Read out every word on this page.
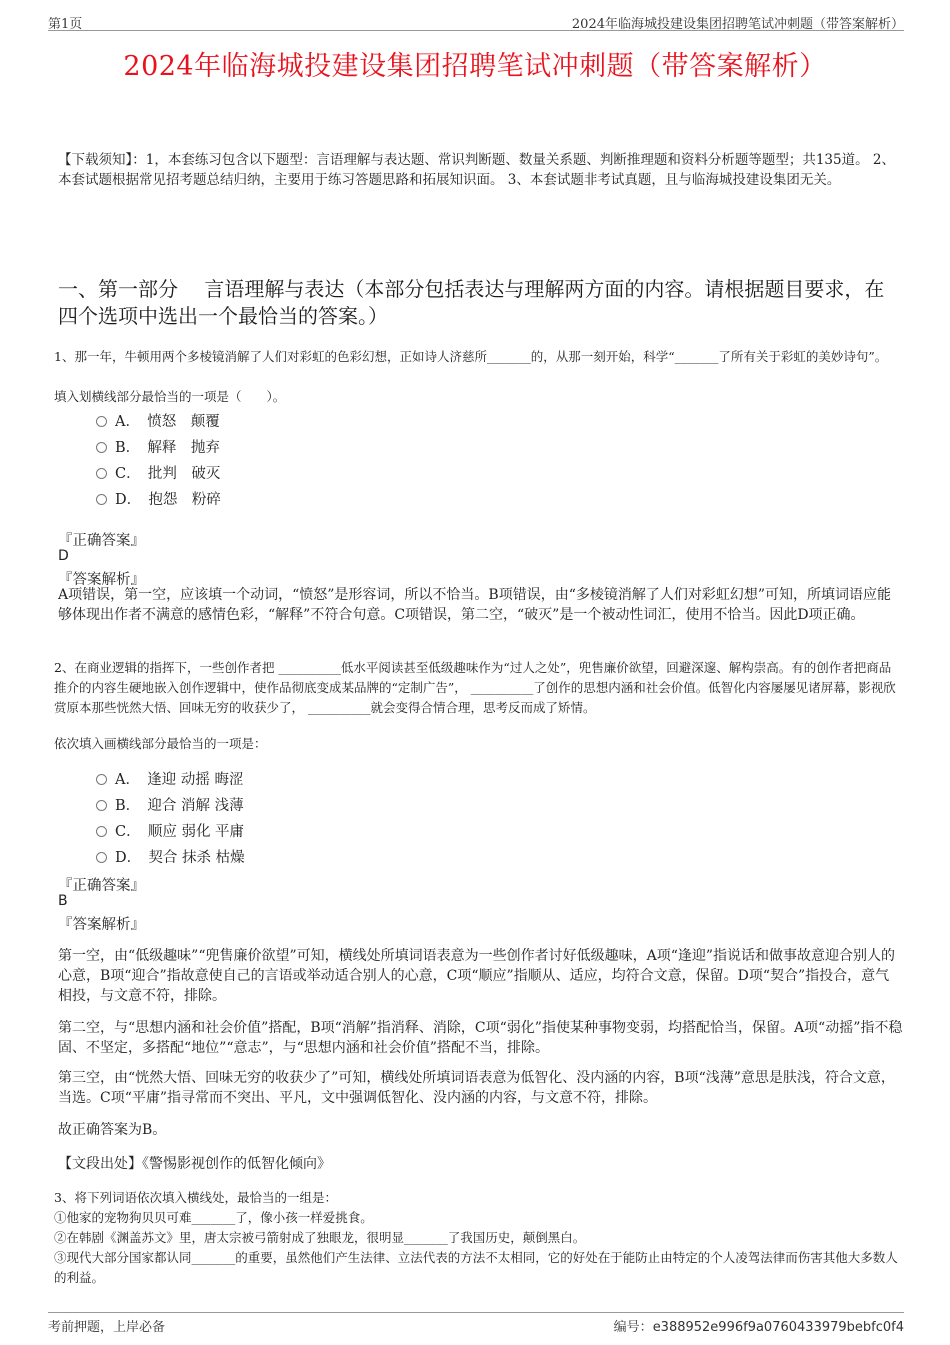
第1页	2024年临海城投建设集团招聘笔试冲刺题（带答案解析）
2024年临海城投建设集团招聘笔试冲刺题（带答案解析）
【下载须知】：1，本套练习包含以下题型：言语理解与表达题、常识判断题、数量关系题、判断推理题和资料分析题等题型；共135道。 2、本套试题根据常见招考题总结归纳，主要用于练习答题思路和拓展知识面。 3、本套试题非考试真题，且与临海城投建设集团无关。
一、第一部分　 言语理解与表达（本部分包括表达与理解两方面的内容。请根据题目要求，在四个选项中选出一个最恰当的答案。）
1、那一年，牛顿用两个多棱镜消解了人们对彩虹的色彩幻想，正如诗人济慈所_______的，从那一刻开始，科学“_______了所有关于彩虹的美妙诗句”。
填入划横线部分最恰当的一项是（　　）。
A．　愤怒　颠覆
B．　解释　抛弃
C．　批判　破灭
D．　抱怨　粉碎
『正确答案』
D
『答案解析』
A项错误，第一空，应该填一个动词，“愤怒”是形容词，所以不恰当。B项错误，由“多棱镜消解了人们对彩虹幻想”可知，所填词语应能够体现出作者不满意的感情色彩，“解释”不符合句意。C项错误，第二空，“破灭”是一个被动性词汇，使用不恰当。因此D项正确。
2、在商业逻辑的指挥下，一些创作者把 __________低水平阅读甚至低级趣味作为“过人之处”，兜售廉价欲望，回避深邃、解构崇高。有的创作者把商品推介的内容生硬地嵌入创作逻辑中，使作品彻底变成某品牌的“定制广告”， __________了创作的思想内涵和社会价值。低智化内容屡屡见诸屏幕，影视欣赏原本那些恍然大悟、回味无穷的收获少了， __________就会变得合情合理，思考反而成了矫情。
依次填入画横线部分最恰当的一项是：
A．　逢迎 动摇 晦涩
B．　迎合 消解 浅薄
C．　顺应 弱化 平庸
D．　契合 抹杀 枯燥
『正确答案』
B
『答案解析』
第一空，由“低级趣味”“兜售廉价欲望”可知，横线处所填词语表意为一些创作者讨好低级趣味，A项“逢迎”指说话和做事故意迎合别人的心意，B项“迎合”指故意使自己的言语或举动适合别人的心意，C项“顺应”指顺从、适应，均符合文意，保留。D项“契合”指投合，意气相投，与文意不符，排除。
第二空，与“思想内涵和社会价值”搭配，B项“消解”指消释、消除，C项“弱化”指使某种事物变弱，均搭配恰当，保留。A项“动摇”指不稳固、不坚定，多搭配“地位”“意志”，与“思想内涵和社会价值”搭配不当，排除。
第三空，由“恍然大悟、回味无穷的收获少了”可知，横线处所填词语表意为低智化、没内涵的内容，B项“浅薄”意思是肤浅，符合文意，当选。C项“平庸”指寻常而不突出、平凡，文中强调低智化、没内涵的内容，与文意不符，排除。
故正确答案为B。
【文段出处】《警惕影视创作的低智化倾向》
3、将下列词语依次填入横线处，最恰当的一组是：
①他家的宠物狗贝贝可难_______了，像小孩一样爱挑食。
②在韩剧《渊盖苏文》里，唐太宗被弓箭射成了独眼龙，很明显_______了我国历史，颠倒黑白。
③现代大部分国家都认同_______的重要，虽然他们产生法律、立法代表的方法不太相同，它的好处在于能防止由特定的个人凌驾法律而伤害其他大多数人的利益。
考前押题，上岸必备	编号：e388952e996f9a0760433979bebfc0f4
